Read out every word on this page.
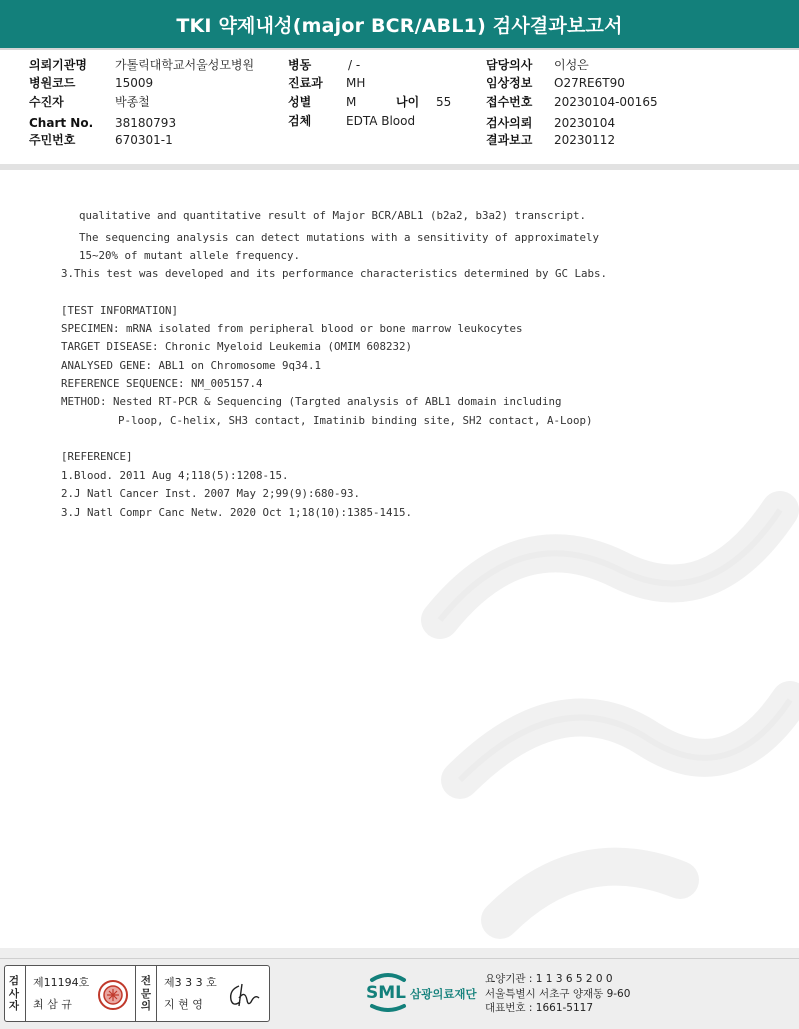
TKI 약제내성(major BCR/ABL1) 검사결과보고서
의뢰기관명 가톨릭대학교서울성모병원
병원코드	15009
수진자	박종철
Chart No. 38180793
주민번호	670301-1
병동	/ -
진료과 MH
성별	M	나이 55
검체	EDTA Blood
담당의사 이성은
임상정보 O27RE6T90
접수번호 20230104-00165
검사의뢰 20230104
결과보고 20230112
qualitative and quantitative result of Major BCR/ABL1 (b2a2, b3a2) transcript.
The sequencing analysis can detect mutations with a sensitivity of approximately
15~20% of mutant allele frequency.
3.This test was developed and its performance characteristics determined by GC Labs.
[TEST INFORMATION]
SPECIMEN: mRNA isolated from peripheral blood or bone marrow leukocytes
TARGET DISEASE: Chronic Myeloid Leukemia (OMIM 608232)
ANALYSED GENE: ABL1 on Chromosome 9q34.1
REFERENCE SEQUENCE: NM_005157.4
METHOD: Nested RT-PCR & Sequencing (Targted analysis of ABL1 domain including
P-loop, C-helix, SH3 contact, Imatinib binding site, SH2 contact, A-Loop)
[REFERENCE]
1.Blood. 2011 Aug 4;118(5):1208-15.
2.J Natl Cancer Inst. 2007 May 2;99(9):680-93.
3.J Natl Compr Canc Netw. 2020 Oct 1;18(10):1385-1415.
검사자
제11194호
최 삼 규
전문의
제3 3 3 호
지 현 영
SML 삼광의료재단
요양기관 : 1 1 3 6 5 2 0 0
서울특별시 서초구 양재동 9-60
대표번호 : 1661-5117
